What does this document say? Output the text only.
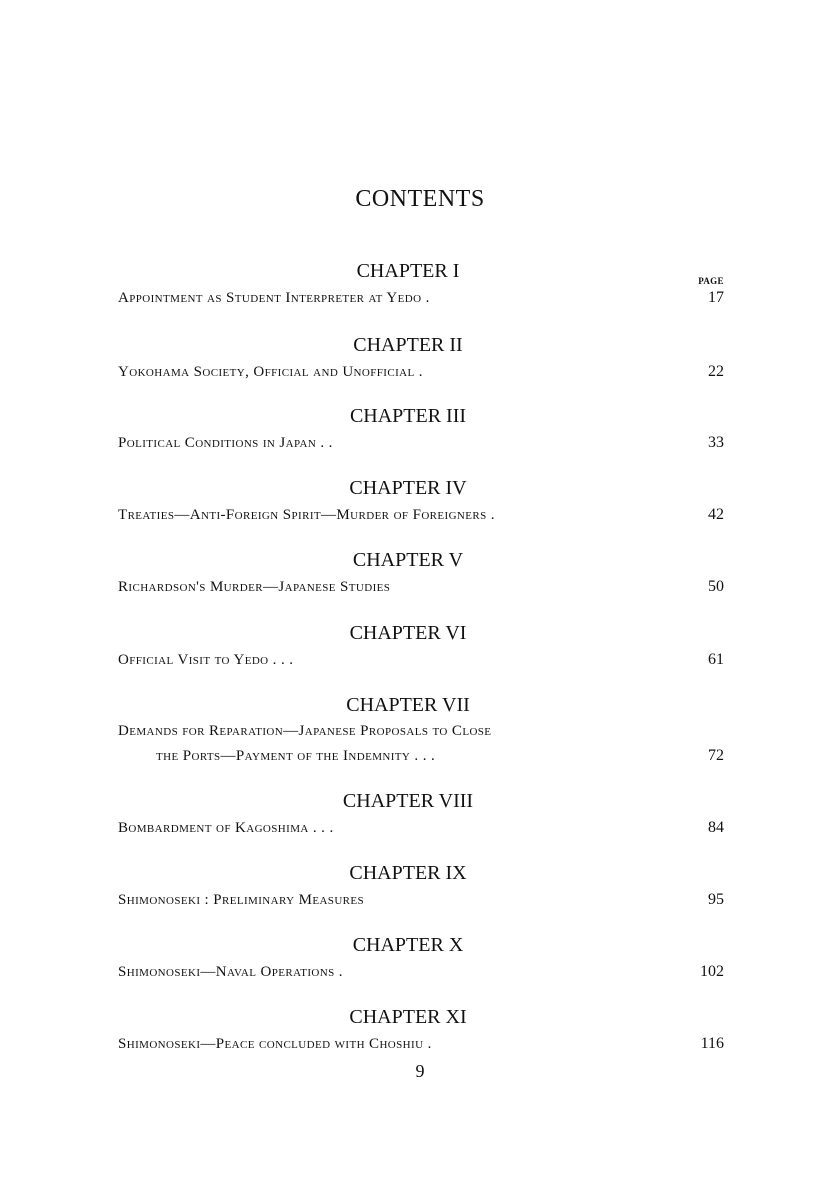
CONTENTS
PAGE
CHAPTER I
Appointment as Student Interpreter at Yedo .	17
CHAPTER II
Yokohama Society, Official and Unofficial .	22
CHAPTER III
Political Conditions in Japan . .	33
CHAPTER IV
Treaties—Anti-Foreign Spirit—Murder of Foreigners .	42
CHAPTER V
Richardson's Murder—Japanese Studies	50
CHAPTER VI
Official Visit to Yedo . . .	61
CHAPTER VII
Demands for Reparation—Japanese Proposals to Close
the Ports—Payment of the Indemnity . . .	72
CHAPTER VIII
Bombardment of Kagoshima . . .	84
CHAPTER IX
Shimonoseki : Preliminary Measures	95
CHAPTER X
Shimonoseki—Naval Operations .	102
CHAPTER XI
Shimonoseki—Peace concluded with Choshiu .	116
9
